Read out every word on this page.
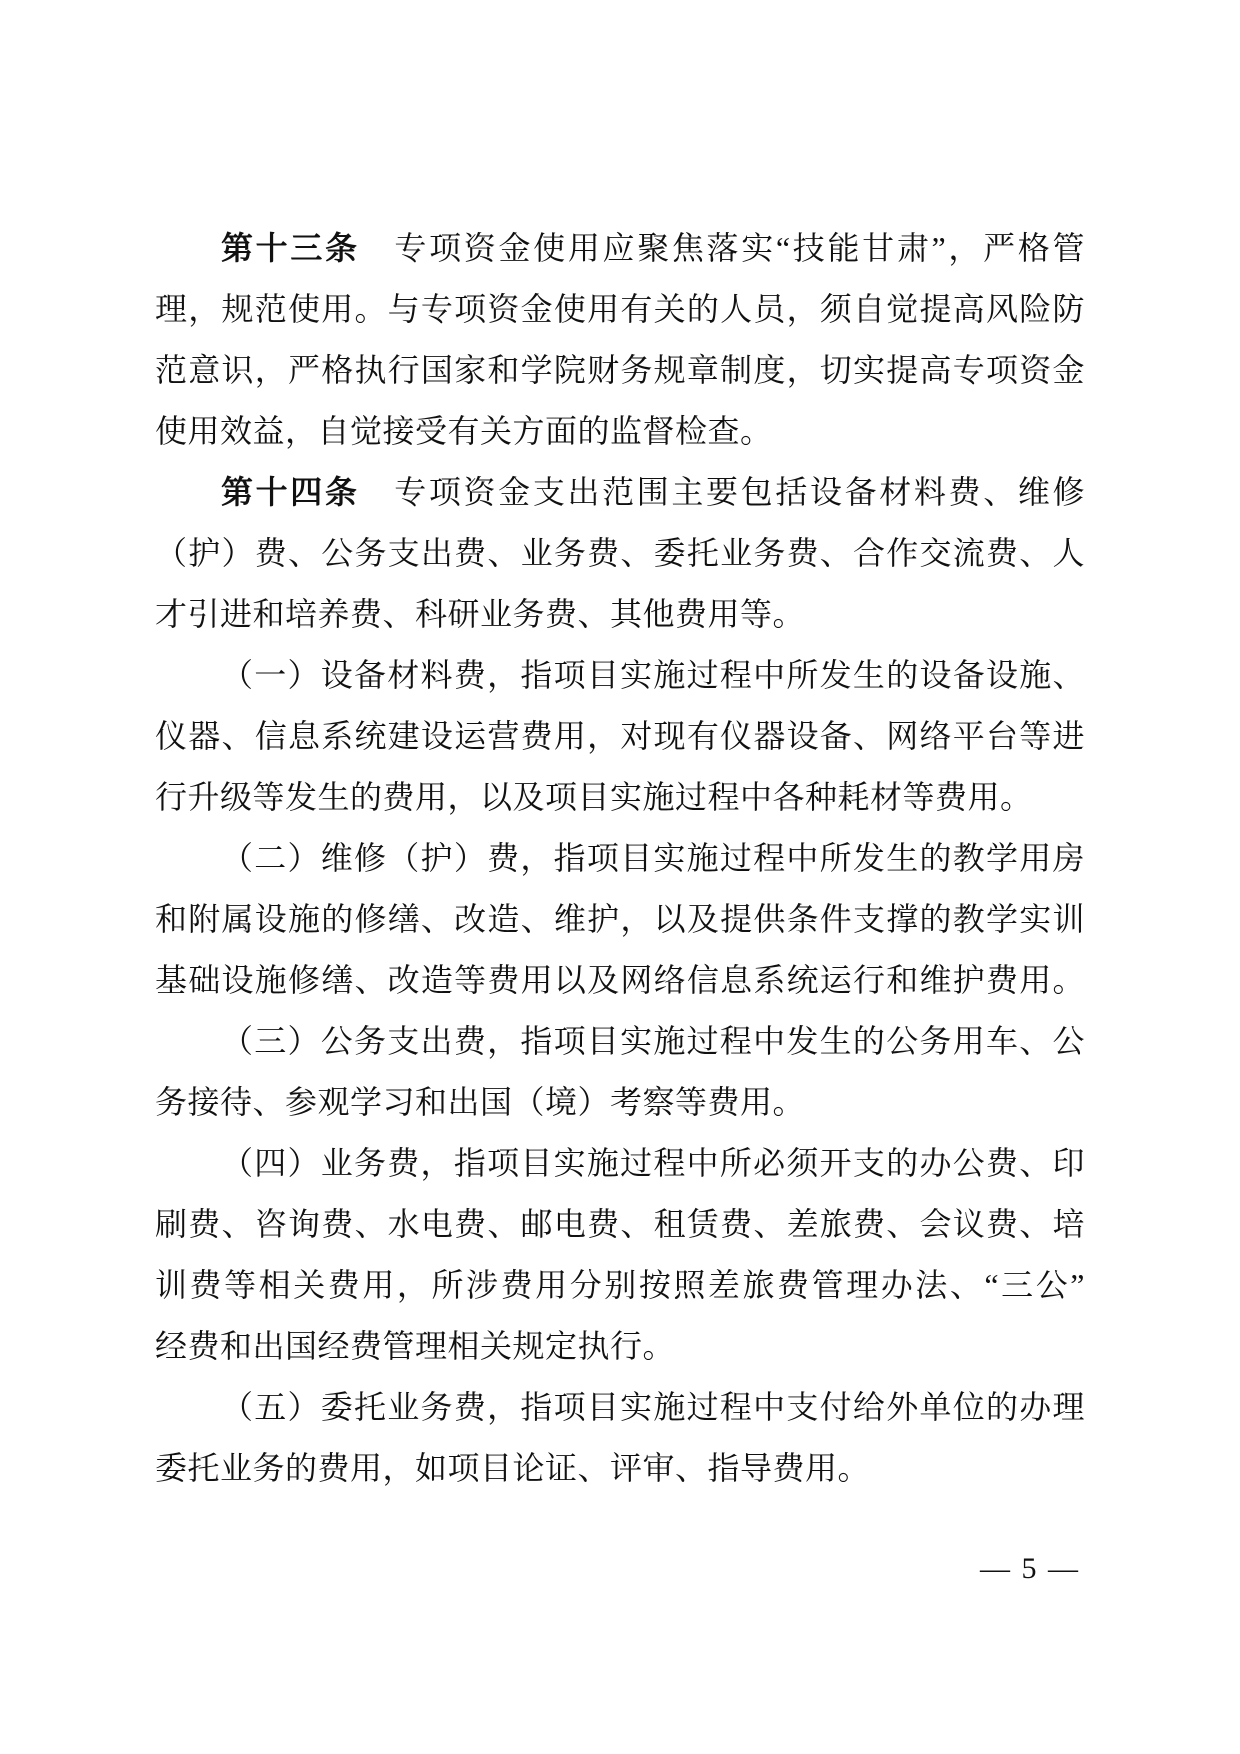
第十三条　专项资金使用应聚焦落实“技能甘肃”，严格管
理，规范使用。与专项资金使用有关的人员，须自觉提高风险防
范意识，严格执行国家和学院财务规章制度，切实提高专项资金
使用效益，自觉接受有关方面的监督检查。
第十四条　专项资金支出范围主要包括设备材料费、维修
（护）费、公务支出费、业务费、委托业务费、合作交流费、人
才引进和培养费、科研业务费、其他费用等。
（一）设备材料费，指项目实施过程中所发生的设备设施、
仪器、信息系统建设运营费用，对现有仪器设备、网络平台等进
行升级等发生的费用，以及项目实施过程中各种耗材等费用。
（二）维修（护）费，指项目实施过程中所发生的教学用房
和附属设施的修缮、改造、维护，以及提供条件支撑的教学实训
基础设施修缮、改造等费用以及网络信息系统运行和维护费用。
（三）公务支出费，指项目实施过程中发生的公务用车、公
务接待、参观学习和出国（境）考察等费用。
（四）业务费，指项目实施过程中所必须开支的办公费、印
刷费、咨询费、水电费、邮电费、租赁费、差旅费、会议费、培
训费等相关费用，所涉费用分别按照差旅费管理办法、“三公”
经费和出国经费管理相关规定执行。
（五）委托业务费，指项目实施过程中支付给外单位的办理
委托业务的费用，如项目论证、评审、指导费用。
— 5 —
